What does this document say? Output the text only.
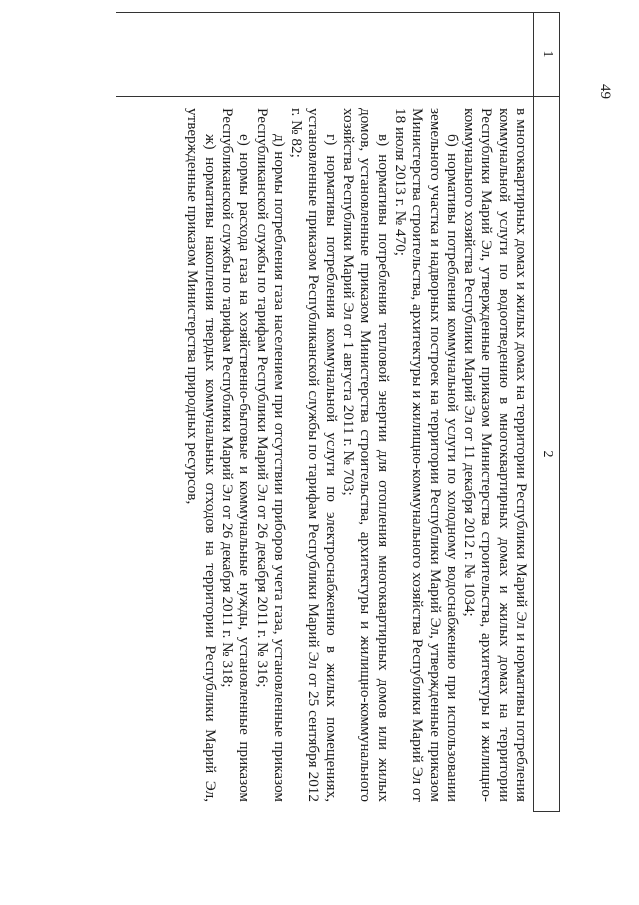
49
1
2

в многоквартирных домах и жилых домах на территории Республики Марий Эл и нормативы потребления коммунальной услуги по водоотведению в многоквартирных домах и жилых домах на территории Республики Марий Эл, утвержденные приказом Министерства строительства, архитектуры и жилищно-коммунального хозяйства Республики Марий Эл от 11 декабря 2012 г. № 1034;

б) нормативы потребления коммунальной услуги по холодному водоснабжению при использовании земельного участка и надворных построек на территории Республики Марий Эл, утвержденные приказом Министерства строительства, архитектуры и жилищно-коммунального хозяйства Республики Марий Эл от 18 июля 2013 г. № 470;

в) нормативы потребления тепловой энергии для отопления многоквартирных домов или жилых домов, установленные приказом Министерства строительства, архитектуры и жилищно-коммунального хозяйства Республики Марий Эл от 1 августа 2011 г. № 703;

г) нормативы потребления коммунальной услуги по электроснабжению в жилых помещениях, установленные приказом Республиканской службы по тарифам Республики Марий Эл от 25 сентября 2012 г. № 82;

д) нормы потребления газа населением при отсутствии приборов учета газа, установленные приказом Республиканской службы по тарифам Республики Марий Эл от 26 декабря 2011 г. № 316;

е) нормы расхода газа на хозяйственно-бытовые и коммунальные нужды, установленные приказом Республиканской службы по тарифам Республики Марий Эл от 26 декабря 2011 г. № 318;

ж) нормативы накопления твердых коммунальных отходов на территории Республики Марий Эл, утвержденные приказом Министерства природных ресурсов,
